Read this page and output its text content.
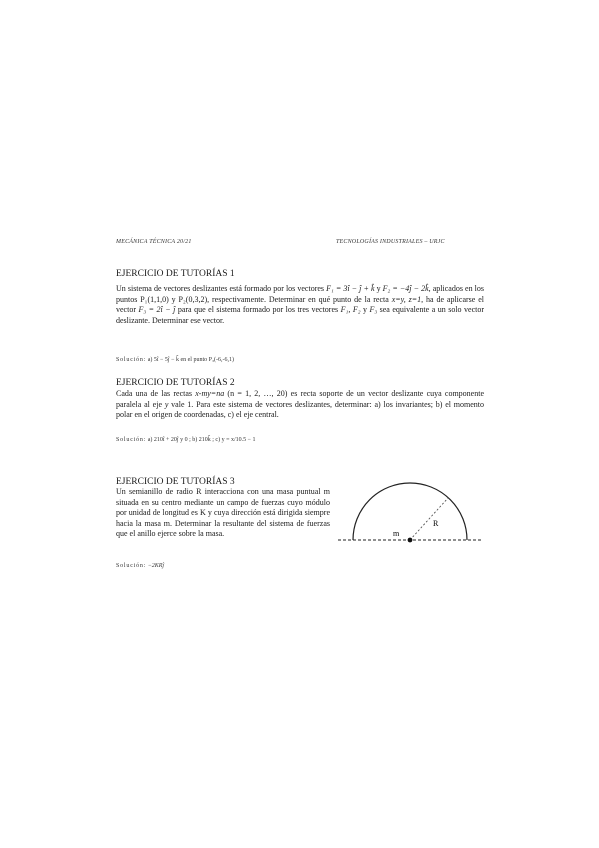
MECÁNICA TÉCNICA 20/21	TECNOLOGÍAS INDUSTRIALES – URJC
EJERCICIO DE TUTORÍAS 1
Un sistema de vectores deslizantes está formado por los vectores F₁ = 3î − ĵ + k̂ y F₂ = −4ĵ − 2k̂, aplicados en los puntos P₁(1,1,0) y P₂(0,3,2), respectivamente. Determinar en qué punto de la recta x=y, z=1, ha de aplicarse el vector F₃ = 2î − ĵ para que el sistema formado por los tres vectores F₁, F₂ y F₃ sea equivalente a un solo vector deslizante. Determinar ese vector.
Solución: a) 5î − 5ĵ − k̂ en el punto P₃(-6,-6,1)
EJERCICIO DE TUTORÍAS 2
Cada una de las rectas x-my=na (n = 1, 2, …, 20) es recta soporte de un vector deslizante cuya componente paralela al eje y vale 1. Para este sistema de vectores deslizantes, determinar: a) los invariantes; b) el momento polar en el origen de coordenadas, c) el eje central.
Solución: a) 210î + 20ĵ y 0 ; b) 210k̂ ; c) y = x/10.5 − 1
EJERCICIO DE TUTORÍAS 3
Un semianillo de radio R interacciona con una masa puntual m situada en su centro mediante un campo de fuerzas cuyo módulo por unidad de longitud es K y cuya dirección está dirigida siempre hacia la masa m. Determinar la resultante del sistema de fuerzas que el anillo ejerce sobre la masa.
Solución: −2KRĵ
m
R
